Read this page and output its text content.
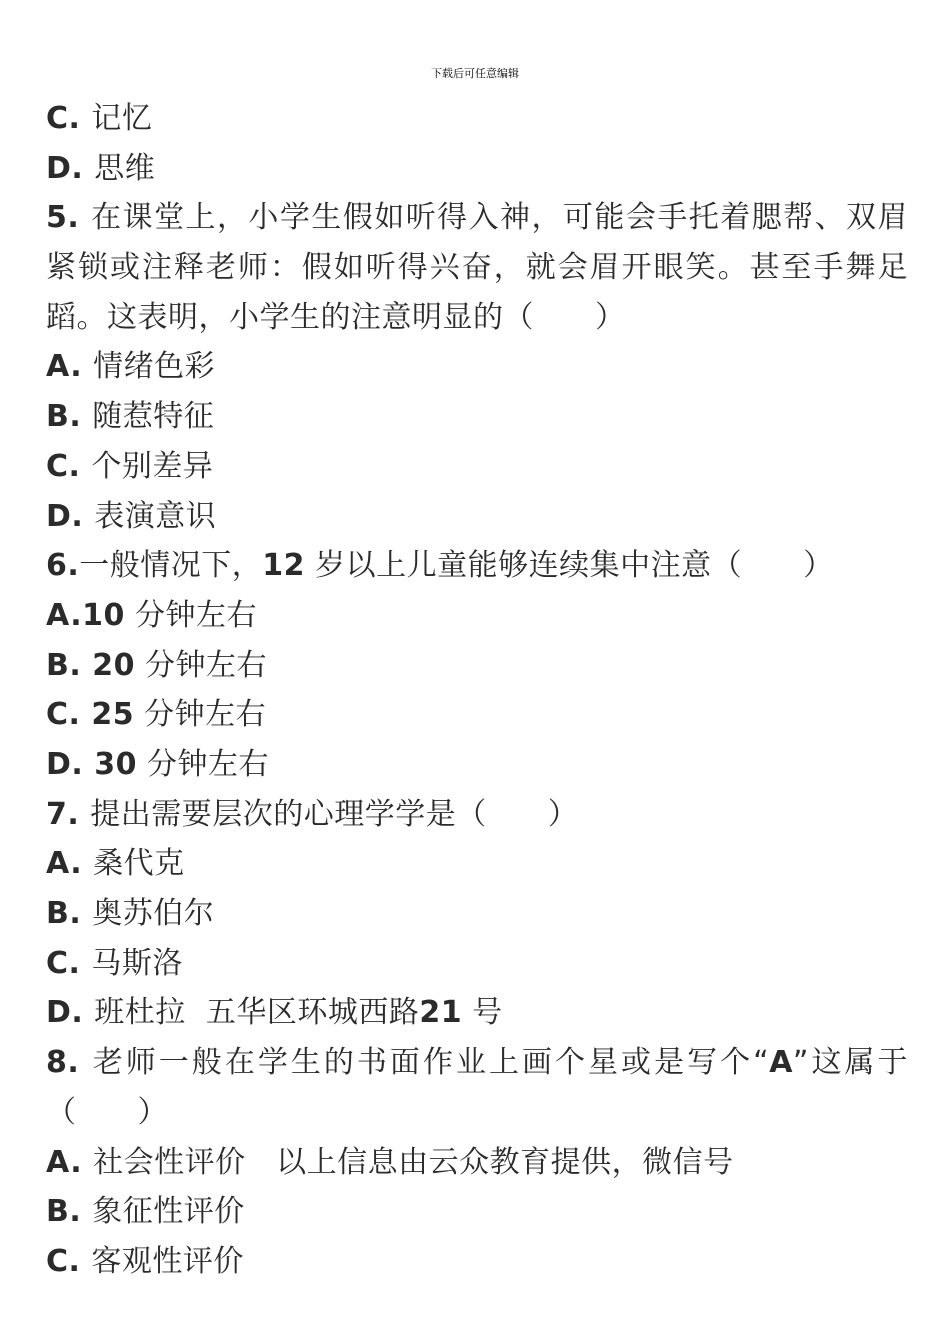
下载后可任意编辑
C. 记忆
D. 思维
5. 在课堂上，小学生假如听得入神，可能会手托着腮帮、双眉紧锁或注释老师：假如听得兴奋，就会眉开眼笑。甚至手舞足蹈。这表明，小学生的注意明显的（　　）
A. 情绪色彩
B. 随惹特征
C. 个别差异
D. 表演意识
6.一般情况下，12 岁以上儿童能够连续集中注意（　　）
A.10 分钟左右
B. 20 分钟左右
C. 25 分钟左右
D. 30 分钟左右
7. 提出需要层次的心理学学是（　　）
A. 桑代克
B. 奥苏伯尔
C. 马斯洛
D. 班杜拉  五华区环城西路21 号
8. 老师一般在学生的书面作业上画个星或是写个“A”这属于（　　）
A. 社会性评价　以上信息由云众教育提供，微信号
B. 象征性评价
C. 客观性评价
